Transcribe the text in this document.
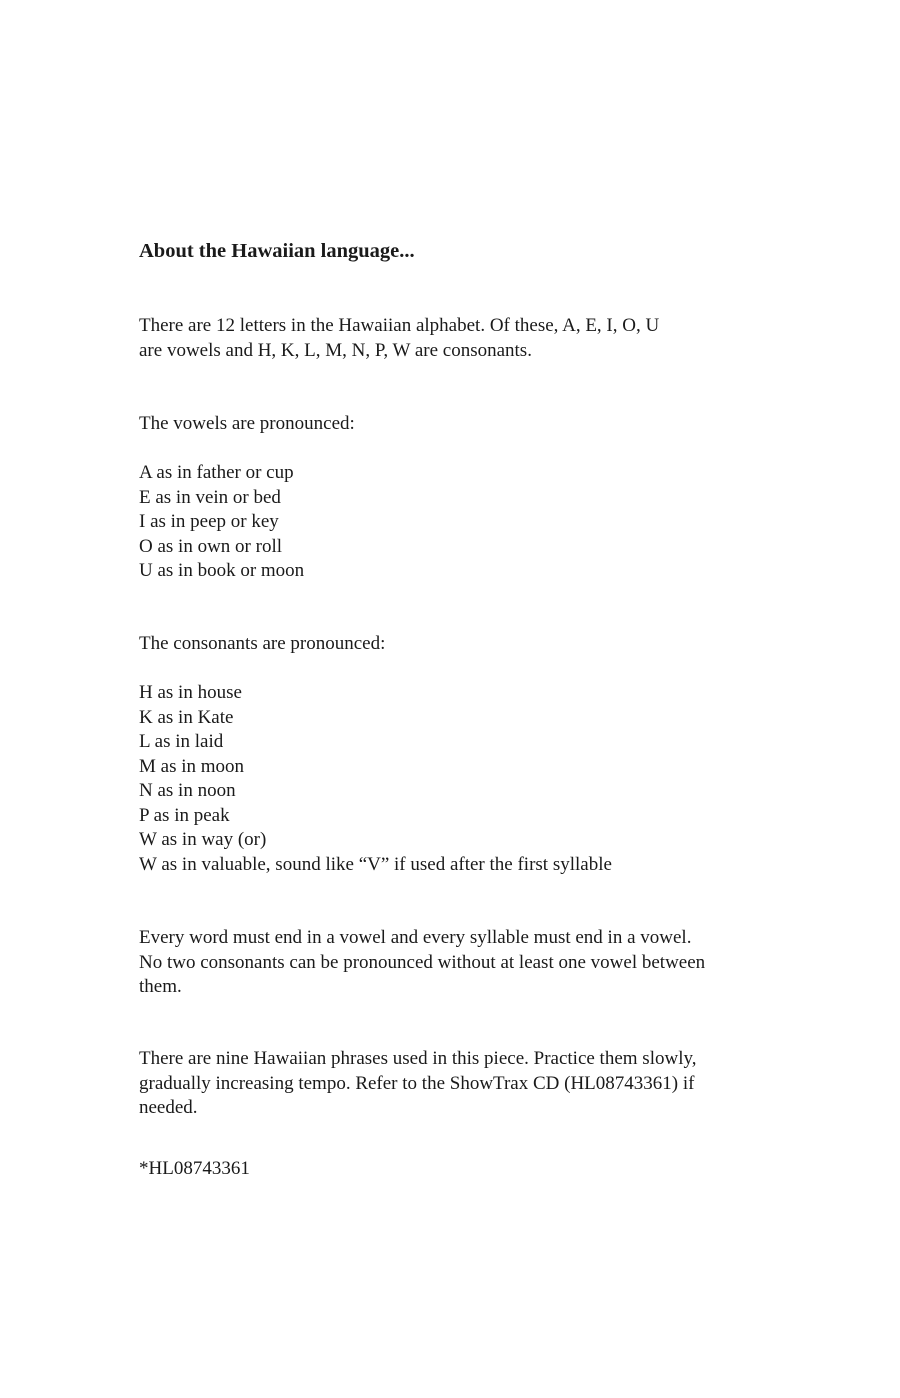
About the Hawaiian language...

There are 12 letters in the Hawaiian alphabet. Of these, A, E, I, O, U
are vowels and H, K, L, M, N, P, W are consonants.

The vowels are pronounced:

A as in father or cup
E as in vein or bed
I as in peep or key
O as in own or roll
U as in book or moon

The consonants are pronounced:

H as in house
K as in Kate
L as in laid
M as in moon
N as in noon
P as in peak
W as in way (or)
W as in valuable, sound like “V” if used after the first syllable

Every word must end in a vowel and every syllable must end in a vowel.
No two consonants can be pronounced without at least one vowel between
them.

There are nine Hawaiian phrases used in this piece. Practice them slowly,
gradually increasing tempo. Refer to the ShowTrax CD (HL08743361) if
needed.

*HL08743361
